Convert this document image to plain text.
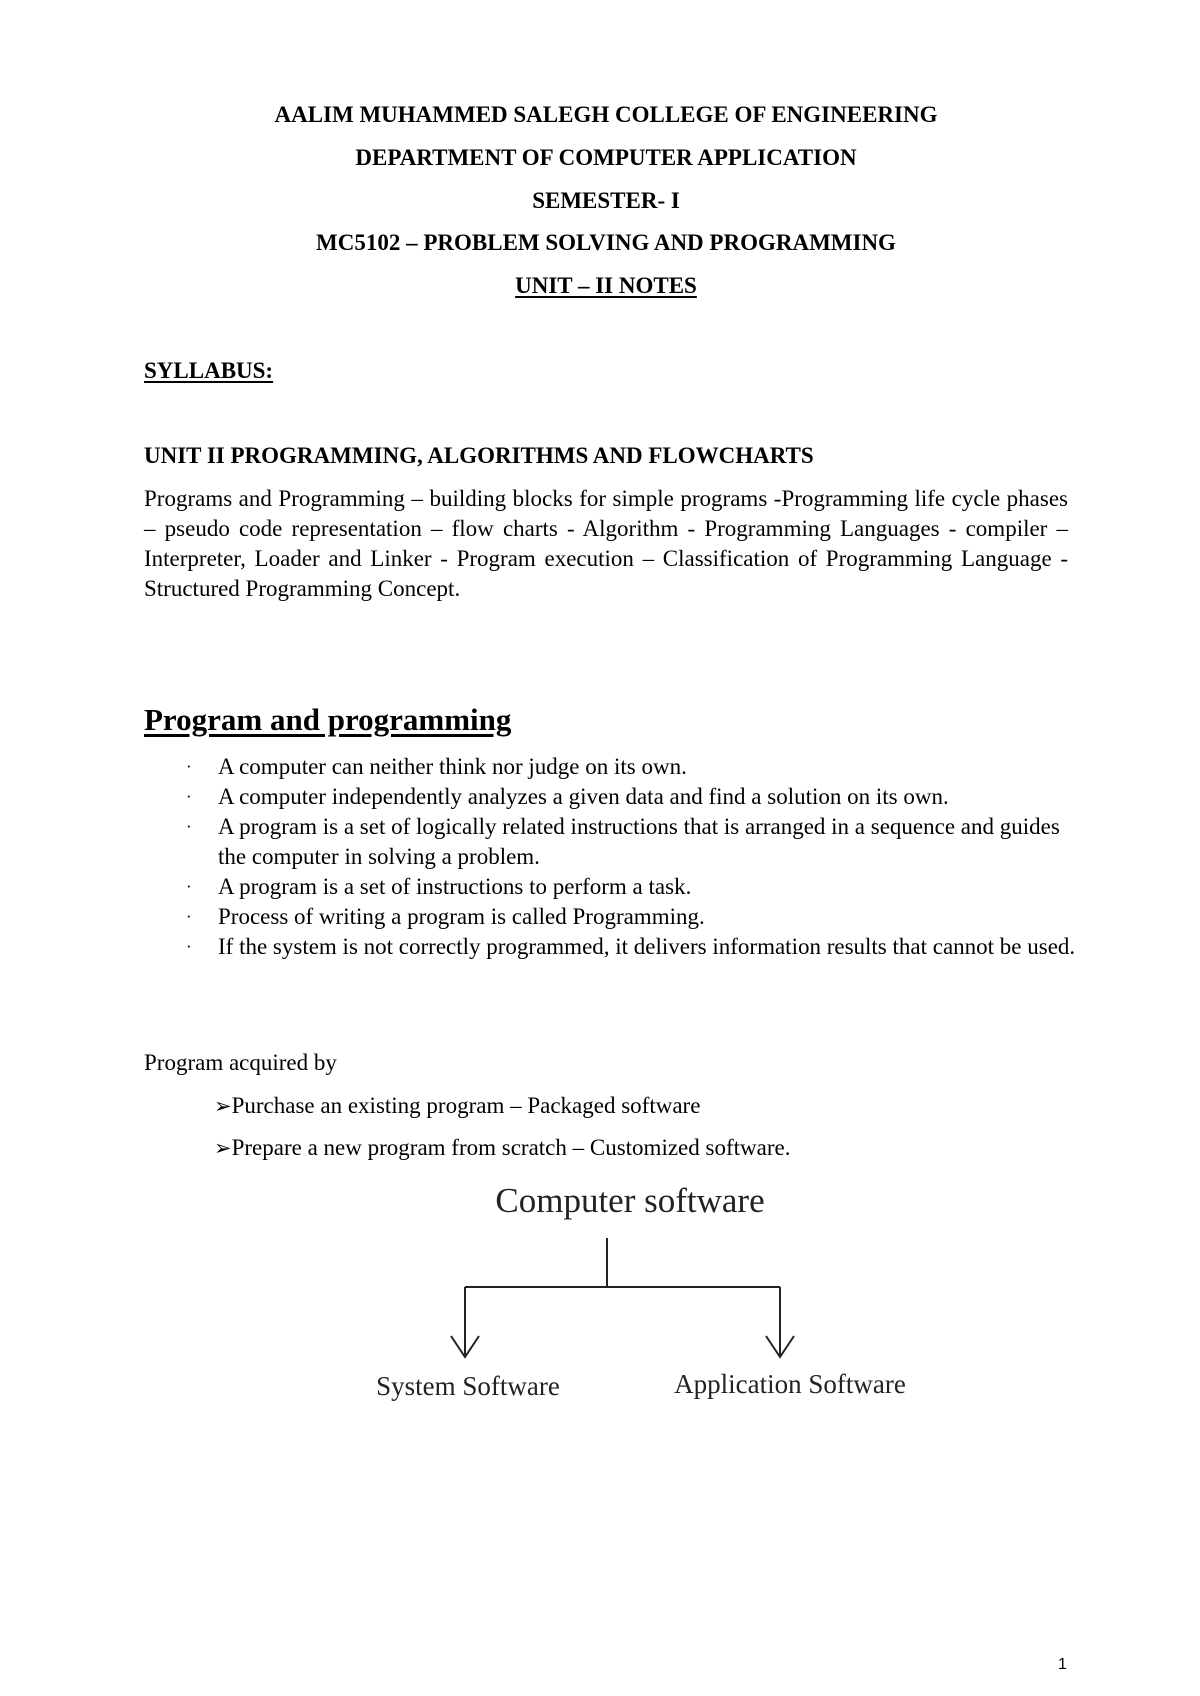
AALIM MUHAMMED SALEGH COLLEGE OF ENGINEERING
DEPARTMENT OF COMPUTER APPLICATION
SEMESTER- I
MC5102 – PROBLEM SOLVING AND PROGRAMMING
UNIT – II NOTES
SYLLABUS:
UNIT II PROGRAMMING, ALGORITHMS AND FLOWCHARTS
Programs and Programming – building blocks for simple programs -Programming life cycle phases – pseudo code representation – flow charts - Algorithm - Programming Languages - compiler – Interpreter, Loader and Linker - Program execution – Classification of Programming Language - Structured Programming Concept.
Program and programming
· A computer can neither think nor judge on its own.
· A computer independently analyzes a given data and find a solution on its own.
· A program is a set of logically related instructions that is arranged in a sequence and guides the computer in solving a problem.
· A program is a set of instructions to perform a task.
· Process of writing a program is called Programming.
· If the system is not correctly programmed, it delivers information results that cannot be used.
Program acquired by
➢Purchase an existing program – Packaged software
➢Prepare a new program from scratch – Customized software.
Computer software
System Software	Application Software
1
